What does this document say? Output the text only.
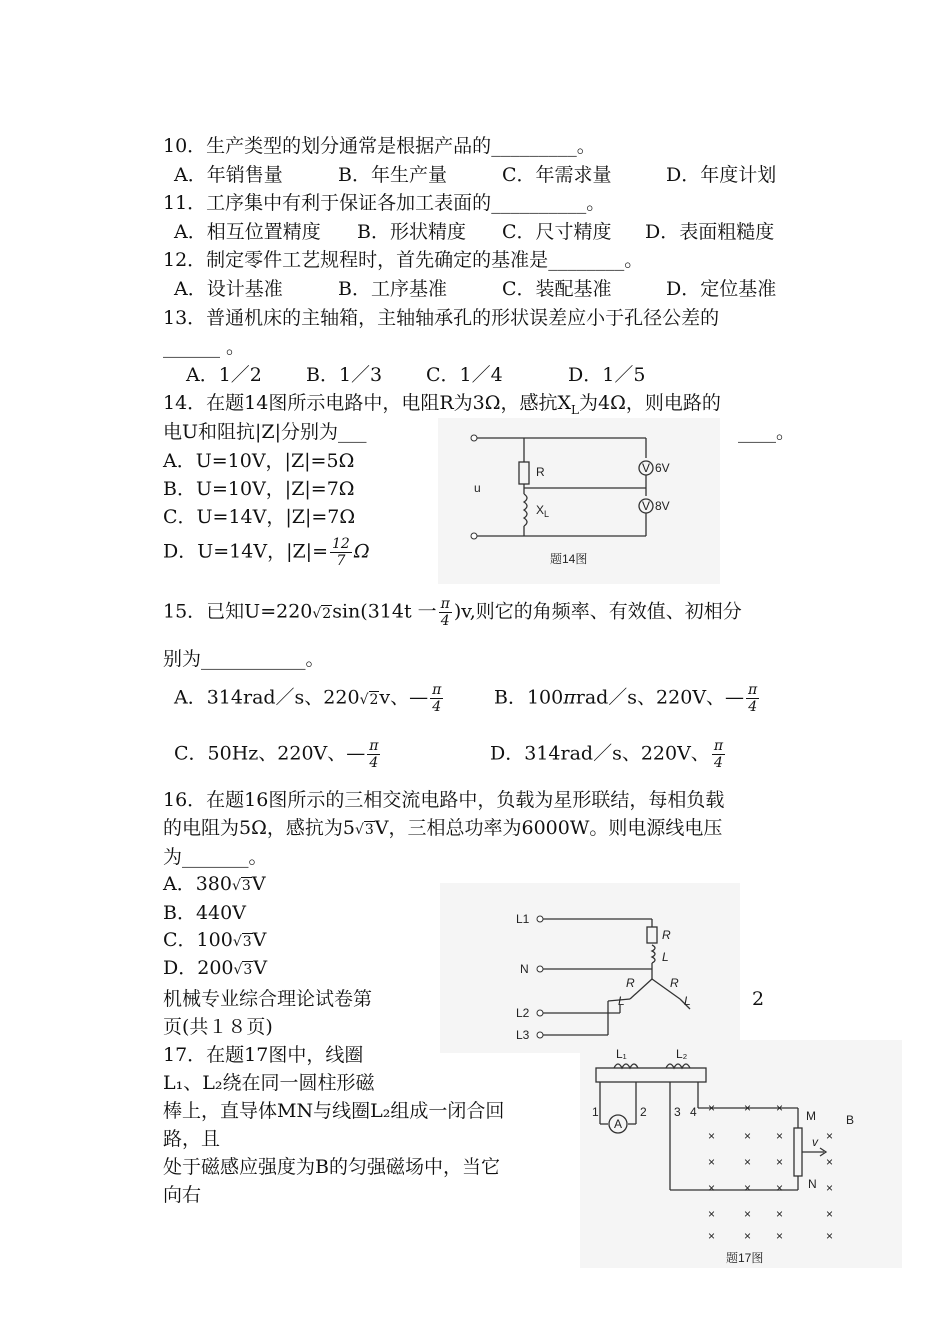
10．生产类型的划分通常是根据产品的_________。
A．年销售量	B．年生产量	C．年需求量	D．年度计划
11．工序集中有利于保证各加工表面的__________。
A．相互位置精度 B．形状精度 C．尺寸精度 D．表面粗糙度
12．制定零件工艺规程时，首先确定的基准是________。
A．设计基准	B．工序基准	C．装配基准	D．定位基准
13．普通机床的主轴箱，主轴轴承孔的形状误差应小于孔径公差的
______ 。
A．1／2 B．1／3 C．1／4	D．1／5
14．在题14图所示电路中，电阻R为3Ω，感抗$X_L$为4Ω，则电路的
电U和阻抗|Z|分别为___	____。
A．U=10V，|Z|=5Ω
B．U=10V，|Z|=7Ω
C．U=14V，|Z|=7Ω
D．U=14V，$|Z|= \frac{12}{7}$ Ω
R
$X_L$
u
V
V
6V
8V
题14图
15．已知U=220√2sin(314t 一 $\frac{\pi}{4} )v$,则它的角频率、有效值、初相分
别为___________。
A．314rad／s、220√2v、— $\frac{\pi}{4}$	B．100πrad／s、220V、— $\frac{\pi}{4}$
C．50Hz、220V、— $\frac{\pi}{4}$	D．314rad／s、220V、 $\frac{\pi}{4}$
16．在题16图所示的三相交流电路中，负载为星形联结，每相负载
的电阻为5Ω，感抗为5√3V，三相总功率为6000W。则电源线电压
为_______。
A．380√3V
B．440V
C．100√3V
D．200√3V
L1
N
L2
L3
R
L
R	R
L	L
机械专业综合理论试卷第	2
页(共１８页)
17．在题17图中，线圈
L₁、L₂绕在同一圆柱形磁
棒上，直导体MN与线圈L₂组成一闭合回
路，且
处于磁感应强度为B的匀强磁场中，当它
向右
A
L₁	L₂
1	2 3 4	M
N
B
v
× × ×
× × ×	×
× × ×	×
× × ×	×
× × ×	×
× × ×	×
题17图
